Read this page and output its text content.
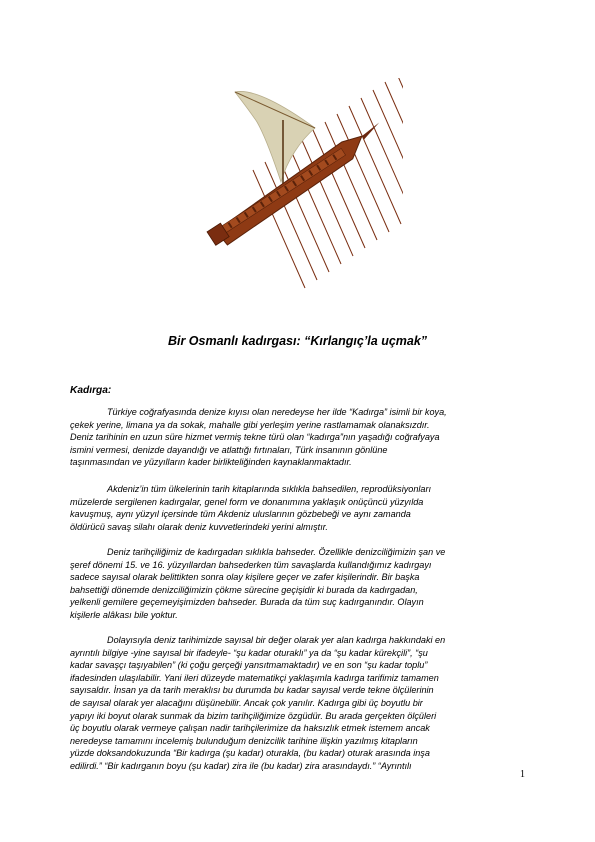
Bir Osmanlı kadırgası: “Kırlangıç’la uçmak”
Kadırga:
Türkiye coğrafyasında denize kıyısı olan neredeyse her ilde “Kadırga” isimli bir koya,
çekek yerine, limana ya da sokak, mahalle gibi yerleşim yerine rastlamamak olanaksızdır.
Deniz tarihinin en uzun süre hizmet vermiş tekne türü olan “kadırga”nın yaşadığı coğrafyaya
ismini vermesi, denizde dayandığı ve atlattığı fırtınaları, Türk insanının gönlüne
taşınmasından ve yüzyılların kader birlikteliğinden kaynaklanmaktadır.
Akdeniz’in tüm ülkelerinin tarih kitaplarında sıklıkla bahsedilen, reprodüksiyonları
müzelerde sergilenen kadırgalar, genel form ve donanımına yaklaşık onüçüncü yüzyılda
kavuşmuş, aynı yüzyıl içersinde tüm Akdeniz uluslarının gözbebeği ve aynı zamanda
öldürücü savaş silahı olarak deniz kuvvetlerindeki yerini almıştır.
Deniz tarihçiliğimiz de kadırgadan sıklıkla bahseder. Özellikle denizciliğimizin şan ve
şeref dönemi 15. ve 16. yüzyıllardan bahsederken tüm savaşlarda kullandığımız kadırgayı
sadece sayısal olarak belittikten sonra olay kişilere geçer ve zafer kişilerindir. Bir başka
bahsettiği dönemde denizciliğimizin çökme sürecine geçişidir ki burada da kadırgadan,
yelkenli gemilere geçemeyişimizden bahseder. Burada da tüm suç kadırganındır. Olayın
kişilerle alâkası bile yoktur.
Dolayısıyla deniz tarihimizde sayısal bir değer olarak yer alan kadırga hakkındaki en
ayrıntılı bilgiye -yine sayısal bir ifadeyle- “şu kadar oturaklı” ya da “şu kadar kürekçili”, “şu
kadar savaşçı taşıyabilen” (ki çoğu gerçeği yansıtmamaktadır) ve en son “şu kadar toplu”
ifadesinden ulaşılabilir. Yani ileri düzeyde matematikçi yaklaşımla kadırga tarifimiz tamamen
sayısaldır. İnsan ya da tarih meraklısı bu durumda bu kadar sayısal verde tekne ölçülerinin
de sayısal olarak yer alacağını düşünebilir. Ancak çok yanılır. Kadırga gibi üç boyutlu bir
yapıyı iki boyut olarak sunmak da bizim tarihçiliğimize özgüdür. Bu arada gerçekten ölçüleri
üç boyutlu olarak vermeye çalışan nadir tarihçilerimize da haksızlık etmek istemem ancak
neredeyse tamamını incelemiş bulunduğum denizcilik tarihine ilişkin yazılmış kitapların
yüzde doksandokuzunda “Bir kadırga (şu kadar) oturakla, (bu kadar) oturak arasında inşa
edilirdi.” “Bir kadırganın boyu (şu kadar) zira ile (bu kadar) zira arasındaydı.” “Ayrıntılı
1
